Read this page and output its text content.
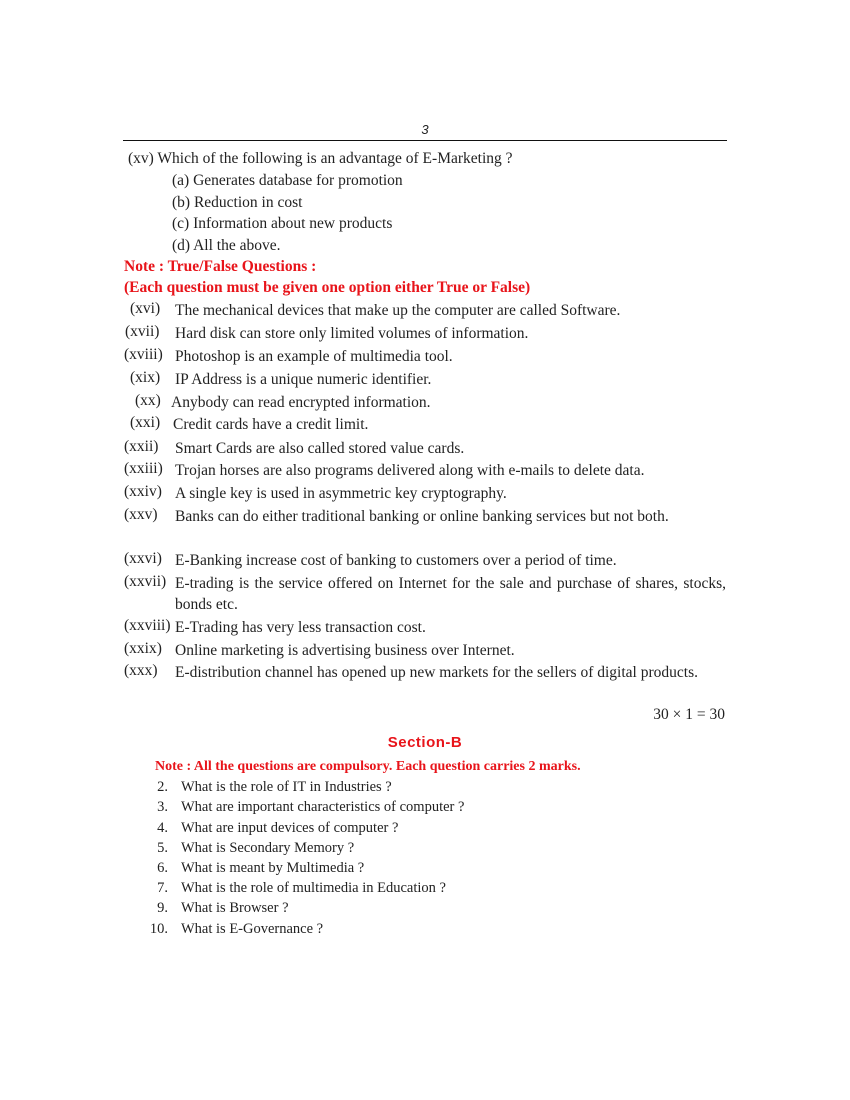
3
(xv) Which of the following is an advantage of E-Marketing ?
(a) Generates database for promotion
(b) Reduction in cost
(c) Information about new products
(d) All the above.
Note : True/False Questions :
(Each question must be given one option either True or False)
(xvi) The mechanical devices that make up the computer are called Software.
(xvii) Hard disk can store only limited volumes of information.
(xviii) Photoshop is an example of multimedia tool.
(xix) IP Address is a unique numeric identifier.
(xx) Anybody can read encrypted information.
(xxi) Credit cards have a credit limit.
(xxii) Smart Cards are also called stored value cards.
(xxiii) Trojan horses are also programs delivered along with e-mails to delete data.
(xxiv) A single key is used in asymmetric key cryptography.
(xxv) Banks can do either traditional banking or online banking services but not both.
(xxvi) E-Banking increase cost of banking to customers over a period of time.
(xxvii) E-trading is the service offered on Internet for the sale and purchase of shares, stocks, bonds etc.
(xxviii) E-Trading has very less transaction cost.
(xxix) Online marketing is advertising business over Internet.
(xxx) E-distribution channel has opened up new markets for the sellers of digital products.
30 × 1 = 30
Section-B
Note : All the questions are compulsory. Each question carries 2 marks.
2. What is the role of IT in Industries ?
3. What are important characteristics of computer ?
4. What are input devices of computer ?
5. What is Secondary Memory ?
6. What is meant by Multimedia ?
7. What is the role of multimedia in Education ?
9. What is Browser ?
10. What is E-Governance ?
